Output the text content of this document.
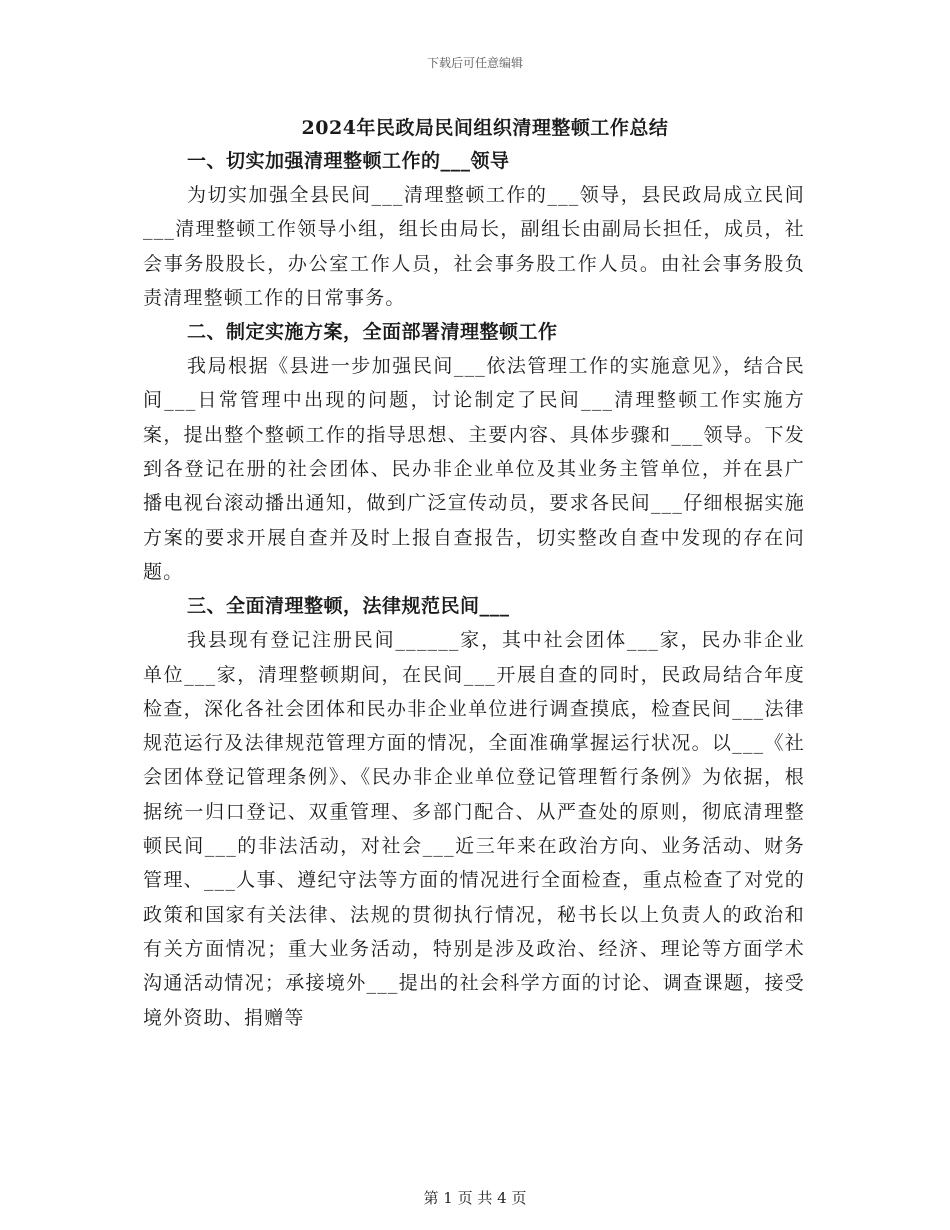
下载后可任意编辑
2024年民政局民间组织清理整顿工作总结
一、切实加强清理整顿工作的___领导

为切实加强全县民间___清理整顿工作的___领导，县民政局成立民间___清理整顿工作领导小组，组长由局长，副组长由副局长担任，成员，社会事务股股长，办公室工作人员，社会事务股工作人员。由社会事务股负责清理整顿工作的日常事务。

二、制定实施方案，全面部署清理整顿工作

我局根据《县进一步加强民间___依法管理工作的实施意见》，结合民间___日常管理中出现的问题，讨论制定了民间___清理整顿工作实施方案，提出整个整顿工作的指导思想、主要内容、具体步骤和___领导。下发到各登记在册的社会团体、民办非企业单位及其业务主管单位，并在县广播电视台滚动播出通知，做到广泛宣传动员，要求各民间___仔细根据实施方案的要求开展自查并及时上报自查报告，切实整改自查中发现的存在问题。

三、全面清理整顿，法律规范民间___

我县现有登记注册民间______家，其中社会团体___家，民办非企业单位___家，清理整顿期间，在民间___开展自查的同时，民政局结合年度检查，深化各社会团体和民办非企业单位进行调查摸底，检查民间___法律规范运行及法律规范管理方面的情况，全面准确掌握运行状况。以___《社会团体登记管理条例》、《民办非企业单位登记管理暂行条例》为依据，根据统一归口登记、双重管理、多部门配合、从严查处的原则，彻底清理整顿民间___的非法活动，对社会___近三年来在政治方向、业务活动、财务管理、___人事、遵纪守法等方面的情况进行全面检查，重点检查了对党的政策和国家有关法律、法规的贯彻执行情况，秘书长以上负责人的政治和有关方面情况；重大业务活动，特别是涉及政治、经济、理论等方面学术沟通活动情况；承接境外___提出的社会科学方面的讨论、调查课题，接受境外资助、捐赠等

第 1 页 共 4 页
